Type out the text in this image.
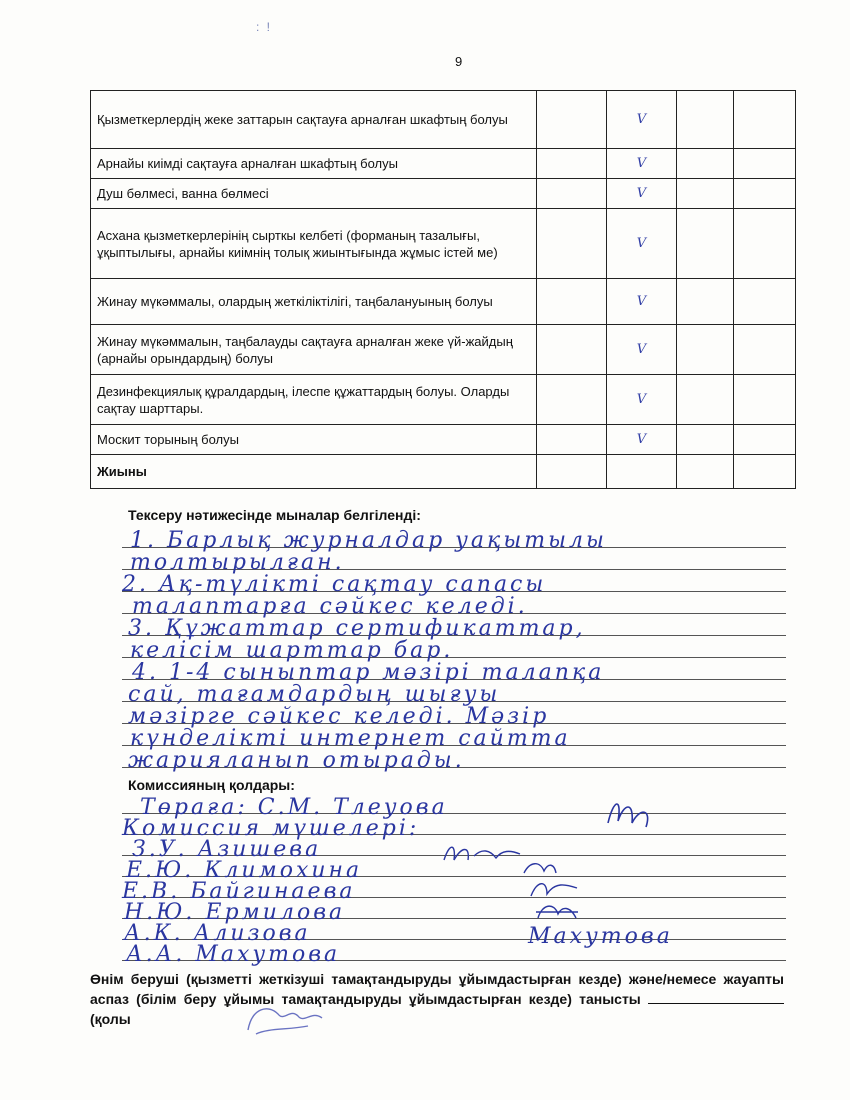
9
: !
Қызметкерлердің жеке заттарын сақтауға арналған шкафтың болуы		V		
Арнайы киімді сақтауға арналған шкафтың болуы		V		
Душ бөлмесі, ванна бөлмесі		V		
Асхана қызметкерлерінің сырткы келбеті (форманың тазалығы, ұқыптылығы, арнайы киімнің толық жиынтығында жұмыс істей ме)		V		
Жинау мүкәммалы, олардың жеткіліктілігі, таңбалануының болуы		V		
Жинау мүкәммалын, таңбалауды сақтауға арналған жеке үй-жайдың (арнайы орындардың) болуы		V		
Дезинфекциялық құралдардың, ілеспе құжаттардың болуы. Оларды сақтау шарттары.		V		
Москит торының болуы		V		
Жиыны				
Тексеру нәтижесінде мыналар белгіленді:
1. Барлық журналдар уақытылы
толтырылған.
2. Ақ-түлікті сақтау сапасы
талаптарға сәйкес келеді.
3. Құжаттар сертификаттар,
келісім шарттар бар.
4. 1-4 сыныптар мәзірі талапқа
сай, тағамдардың шығуы
мәзірге сәйкес келеді. Мәзір
күнделікті интернет сайтта
жарияланып отырады.
Комиссияның қолдары:
Төраға: С.М. Тлеуова
Комиссия мүшелері:
З.У. Азишева
Е.Ю. Климохина
Е.В. Байгинаева
Н.Ю. Ермилова
А.К. Ализова
А.А. Махутова
Махутова
Өнім беруші (қызметті жеткізуші тамақтандыруды ұйымдастырған кезде) және/немесе жауапты аспаз (білім беру ұйымы тамақтандыруды ұйымдастырған кезде) танысты  (қолы
